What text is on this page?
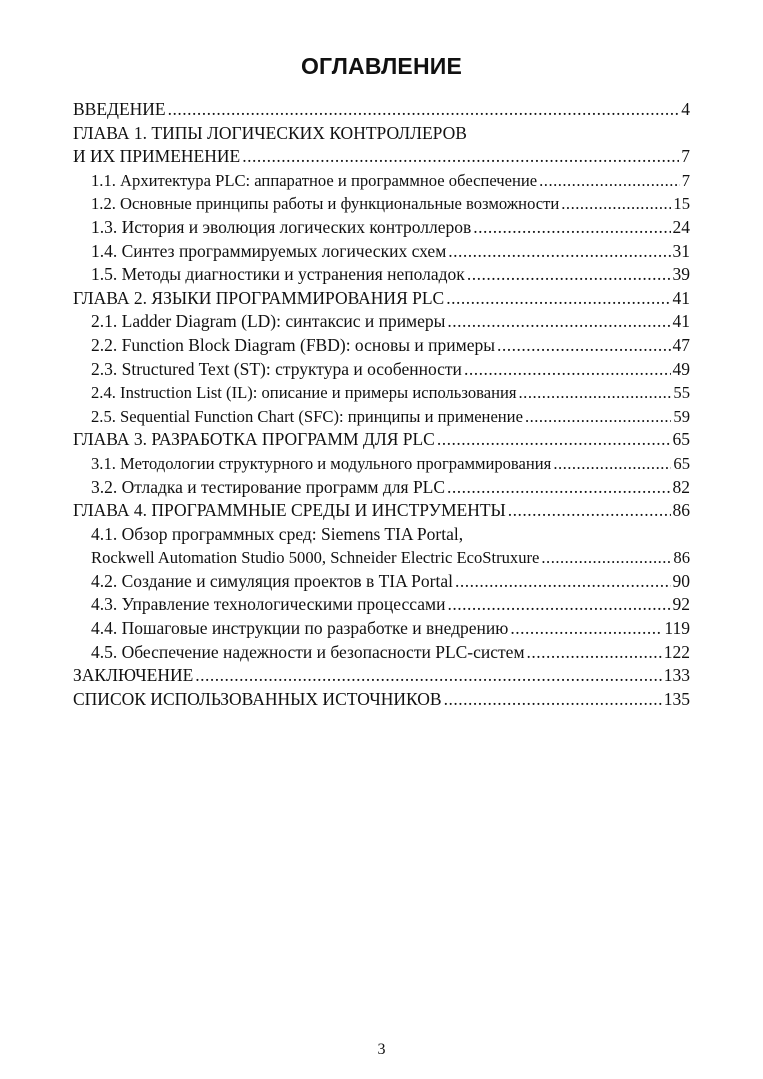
ОГЛАВЛЕНИЕ
ВВЕДЕНИЕ .....	4
ГЛАВА 1. ТИПЫ ЛОГИЧЕСКИХ КОНТРОЛЛЕРОВ
И ИХ ПРИМЕНЕНИЕ .....	7
1.1. Архитектура PLC: аппаратное и программное обеспечение .....	7
1.2. Основные принципы работы и функциональные возможности .....	15
1.3. История и эволюция логических контроллеров .....	24
1.4. Синтез программируемых логических схем .....	31
1.5. Методы диагностики и устранения неполадок .....	39
ГЛАВА 2. ЯЗЫКИ ПРОГРАММИРОВАНИЯ PLC .....	41
2.1. Ladder Diagram (LD): синтаксис и примеры .....	41
2.2. Function Block Diagram (FBD): основы и примеры .....	47
2.3. Structured Text (ST): структура и особенности .....	49
2.4. Instruction List (IL): описание и примеры использования .....	55
2.5. Sequential Function Chart (SFC): принципы и применение .....	59
ГЛАВА 3. РАЗРАБОТКА ПРОГРАММ ДЛЯ PLC .....	65
3.1. Методологии структурного и модульного программирования .....	65
3.2. Отладка и тестирование программ для PLC .....	82
ГЛАВА 4. ПРОГРАММНЫЕ СРЕДЫ И ИНСТРУМЕНТЫ .....	86
4.1. Обзор программных сред: Siemens TIA Portal,
Rockwell Automation Studio 5000, Schneider Electric EcoStruxure .....	86
4.2. Создание и симуляция проектов в TIA Portal .....	90
4.3. Управление технологическими процессами .....	92
4.4. Пошаговые инструкции по разработке и внедрению .....	119
4.5. Обеспечение надежности и безопасности PLC-систем .....	122
ЗАКЛЮЧЕНИЕ .....	133
СПИСОК ИСПОЛЬЗОВАННЫХ ИСТОЧНИКОВ .....	135
3
